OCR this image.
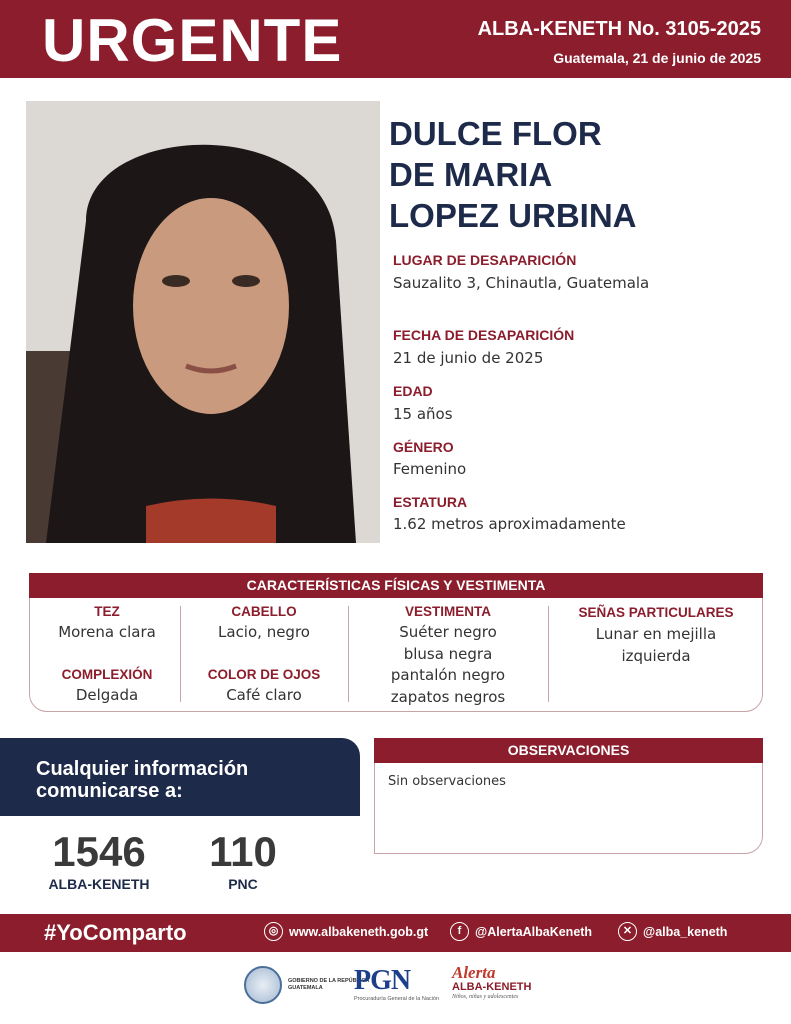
URGENTE	ALBA-KENETH No. 3105-2025
Guatemala, 21 de junio de 2025
DULCE FLOR
DE MARIA
LOPEZ URBINA
LUGAR DE DESAPARICIÓN
Sauzalito 3, Chinautla, Guatemala
FECHA DE DESAPARICIÓN
21 de junio de 2025
EDAD
15 años
GÉNERO
Femenino
ESTATURA
1.62 metros aproximadamente
CARACTERÍSTICAS FÍSICAS Y VESTIMENTA
TEZ
Morena clara
COMPLEXIÓN
Delgada
CABELLO
Lacio, negro
COLOR DE OJOS
Café claro
VESTIMENTA
Suéter negro
blusa negra
pantalón negro
zapatos negros
SEÑAS PARTICULARES
Lunar en mejilla
izquierda
Cualquier información
comunicarse a:
1546
ALBA-KENETH
110
PNC
OBSERVACIONES
Sin observaciones
#YoComparto	◎ www.albakeneth.gob.gt	f	@AlertaAlbaKeneth	✕ @alba_keneth
GOBIERNO DE LA REPÚBLICA
GUATEMALA	PGN
Procuraduría General de la Nación
Alerta
ALBA-KENETH
Niños, niñas y adolescentes
